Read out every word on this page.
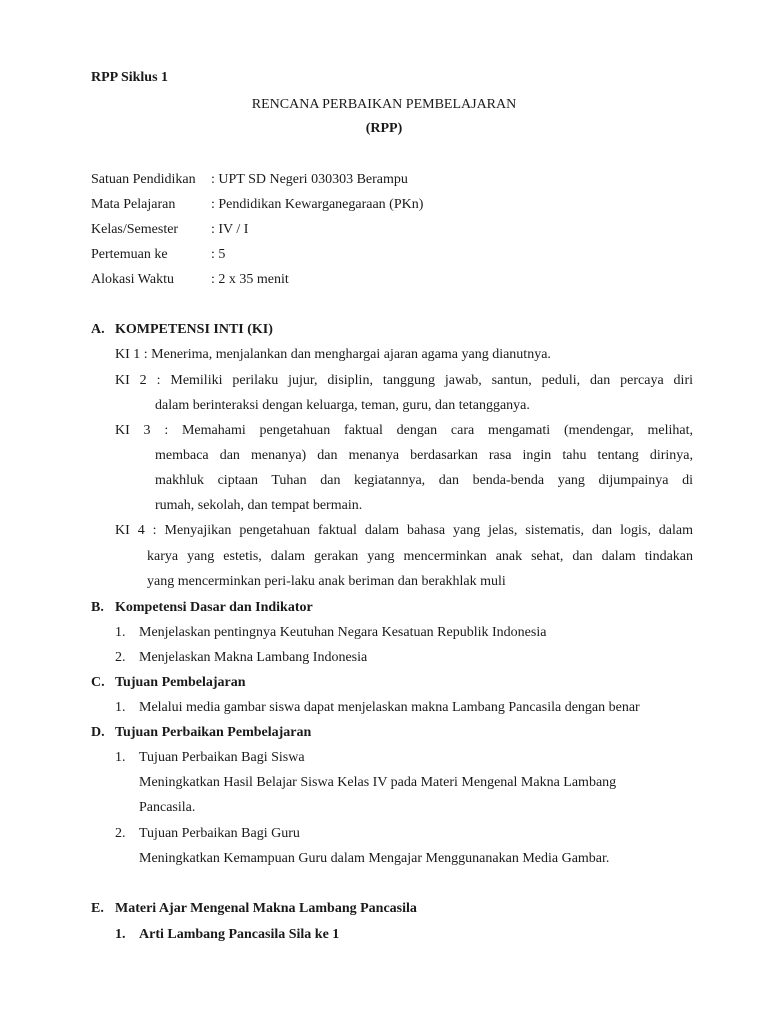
RPP Siklus 1
RENCANA PERBAIKAN PEMBELAJARAN
(RPP)
Satuan Pendidikan : UPT SD Negeri 030303 Berampu
Mata Pelajaran	: Pendidikan Kewarganegaraan (PKn)
Kelas/Semester : IV / I
Pertemuan ke	: 5
Alokasi Waktu	: 2 x 35 menit
A. KOMPETENSI INTI (KI)
KI 1 : Menerima, menjalankan dan menghargai ajaran agama yang dianutnya.
KI 2 : Memiliki perilaku jujur, disiplin, tanggung jawab, santun, peduli, dan percaya diri
dalam berinteraksi dengan keluarga, teman, guru, dan tetangganya.
KI 3 : Memahami pengetahuan faktual dengan cara mengamati (mendengar, melihat,
membaca dan menanya) dan menanya berdasarkan rasa ingin tahu tentang dirinya,
makhluk ciptaan Tuhan dan kegiatannya, dan benda-benda yang dijumpainya di
rumah, sekolah, dan tempat bermain.
KI 4 : Menyajikan pengetahuan faktual dalam bahasa yang jelas, sistematis, dan logis, dalam
karya yang estetis, dalam gerakan yang mencerminkan anak sehat, dan dalam tindakan
yang mencerminkan peri-laku anak beriman dan berakhlak muli
B. Kompetensi Dasar dan Indikator
1. Menjelaskan pentingnya Keutuhan Negara Kesatuan Republik Indonesia
2. Menjelaskan Makna Lambang Indonesia
C. Tujuan Pembelajaran
1. Melalui media gambar siswa dapat menjelaskan makna Lambang Pancasila dengan benar
D. Tujuan Perbaikan Pembelajaran
1. Tujuan Perbaikan Bagi Siswa
Meningkatkan Hasil Belajar Siswa Kelas IV pada Materi Mengenal Makna Lambang
Pancasila.
2. Tujuan Perbaikan Bagi Guru
Meningkatkan Kemampuan Guru dalam Mengajar Menggunanakan Media Gambar.
E. Materi Ajar Mengenal Makna Lambang Pancasila
1. Arti Lambang Pancasila Sila ke 1
